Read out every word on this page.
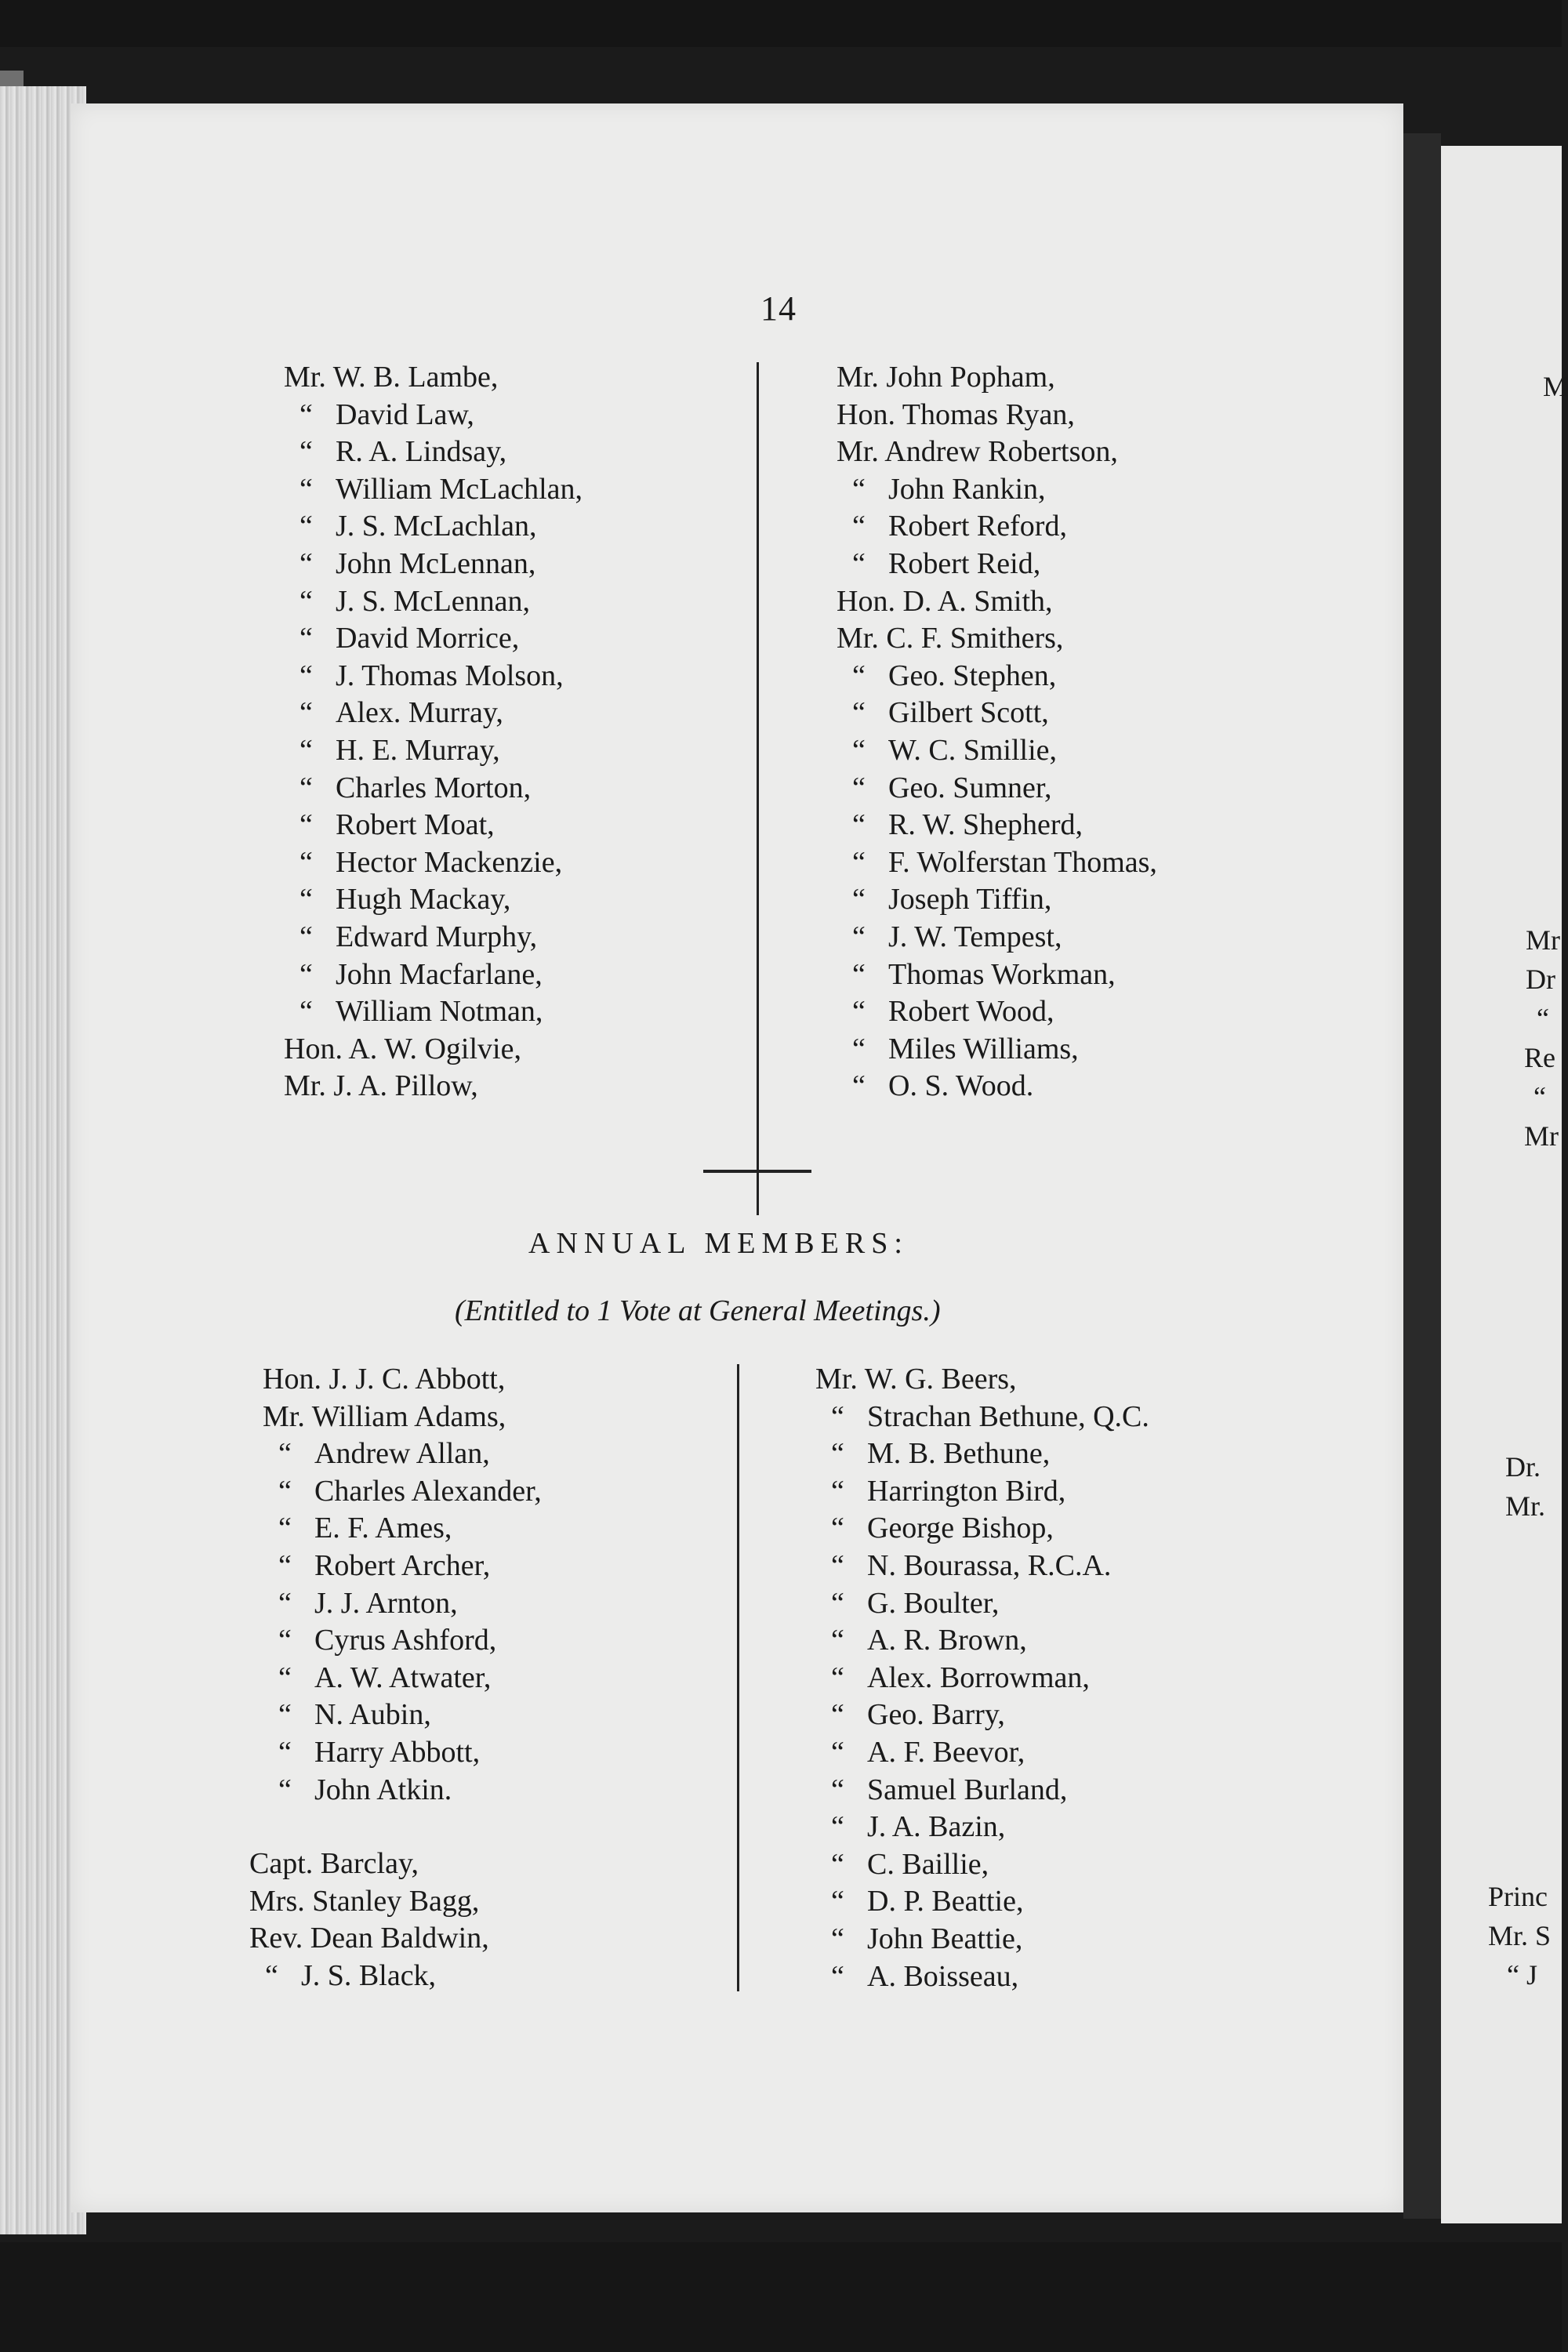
14
Mr. W. B. Lambe,
“ David Law,
“ R. A. Lindsay,
“ William McLachlan,
“ J. S. McLachlan,
“ John McLennan,
“ J. S. McLennan,
“ David Morrice,
“ J. Thomas Molson,
“ Alex. Murray,
“ H. E. Murray,
“ Charles Morton,
“ Robert Moat,
“ Hector Mackenzie,
“ Hugh Mackay,
“ Edward Murphy,
“ John Macfarlane,
“ William Notman,
Hon. A. W. Ogilvie,
Mr. J. A. Pillow,
Mr. John Popham,
Hon. Thomas Ryan,
Mr. Andrew Robertson,
“ John Rankin,
“ Robert Reford,
“ Robert Reid,
Hon. D. A. Smith,
Mr. C. F. Smithers,
“ Geo. Stephen,
“ Gilbert Scott,
“ W. C. Smillie,
“ Geo. Sumner,
“ R. W. Shepherd,
“ F. Wolferstan Thomas,
“ Joseph Tiffin,
“ J. W. Tempest,
“ Thomas Workman,
“ Robert Wood,
“ Miles Williams,
“ O. S. Wood.
ANNUAL MEMBERS:
(Entitled to 1 Vote at General Meetings.)
Hon. J. J. C. Abbott,
Mr. William Adams,
“ Andrew Allan,
“ Charles Alexander,
“ E. F. Ames,
“ Robert Archer,
“ J. J. Arnton,
“ Cyrus Ashford,
“ A. W. Atwater,
“ N. Aubin,
“ Harry Abbott,
“ John Atkin.
Capt. Barclay,
Mrs. Stanley Bagg,
Rev. Dean Baldwin,
“ J. S. Black,
Mr. W. G. Beers,
“ Strachan Bethune, Q.C.
“ M. B. Bethune,
“ Harrington Bird,
“ George Bishop,
“ N. Bourassa, R.C.A.
“ G. Boulter,
“ A. R. Brown,
“ Alex. Borrowman,
“ Geo. Barry,
“ A. F. Beevor,
“ Samuel Burland,
“ J. A. Bazin,
“ C. Baillie,
“ D. P. Beattie,
“ John Beattie,
“ A. Boisseau,
M
Mr
Dr
“
Re
“
Mr
Dr.
Mr.
Princ
Mr. S
“ J
